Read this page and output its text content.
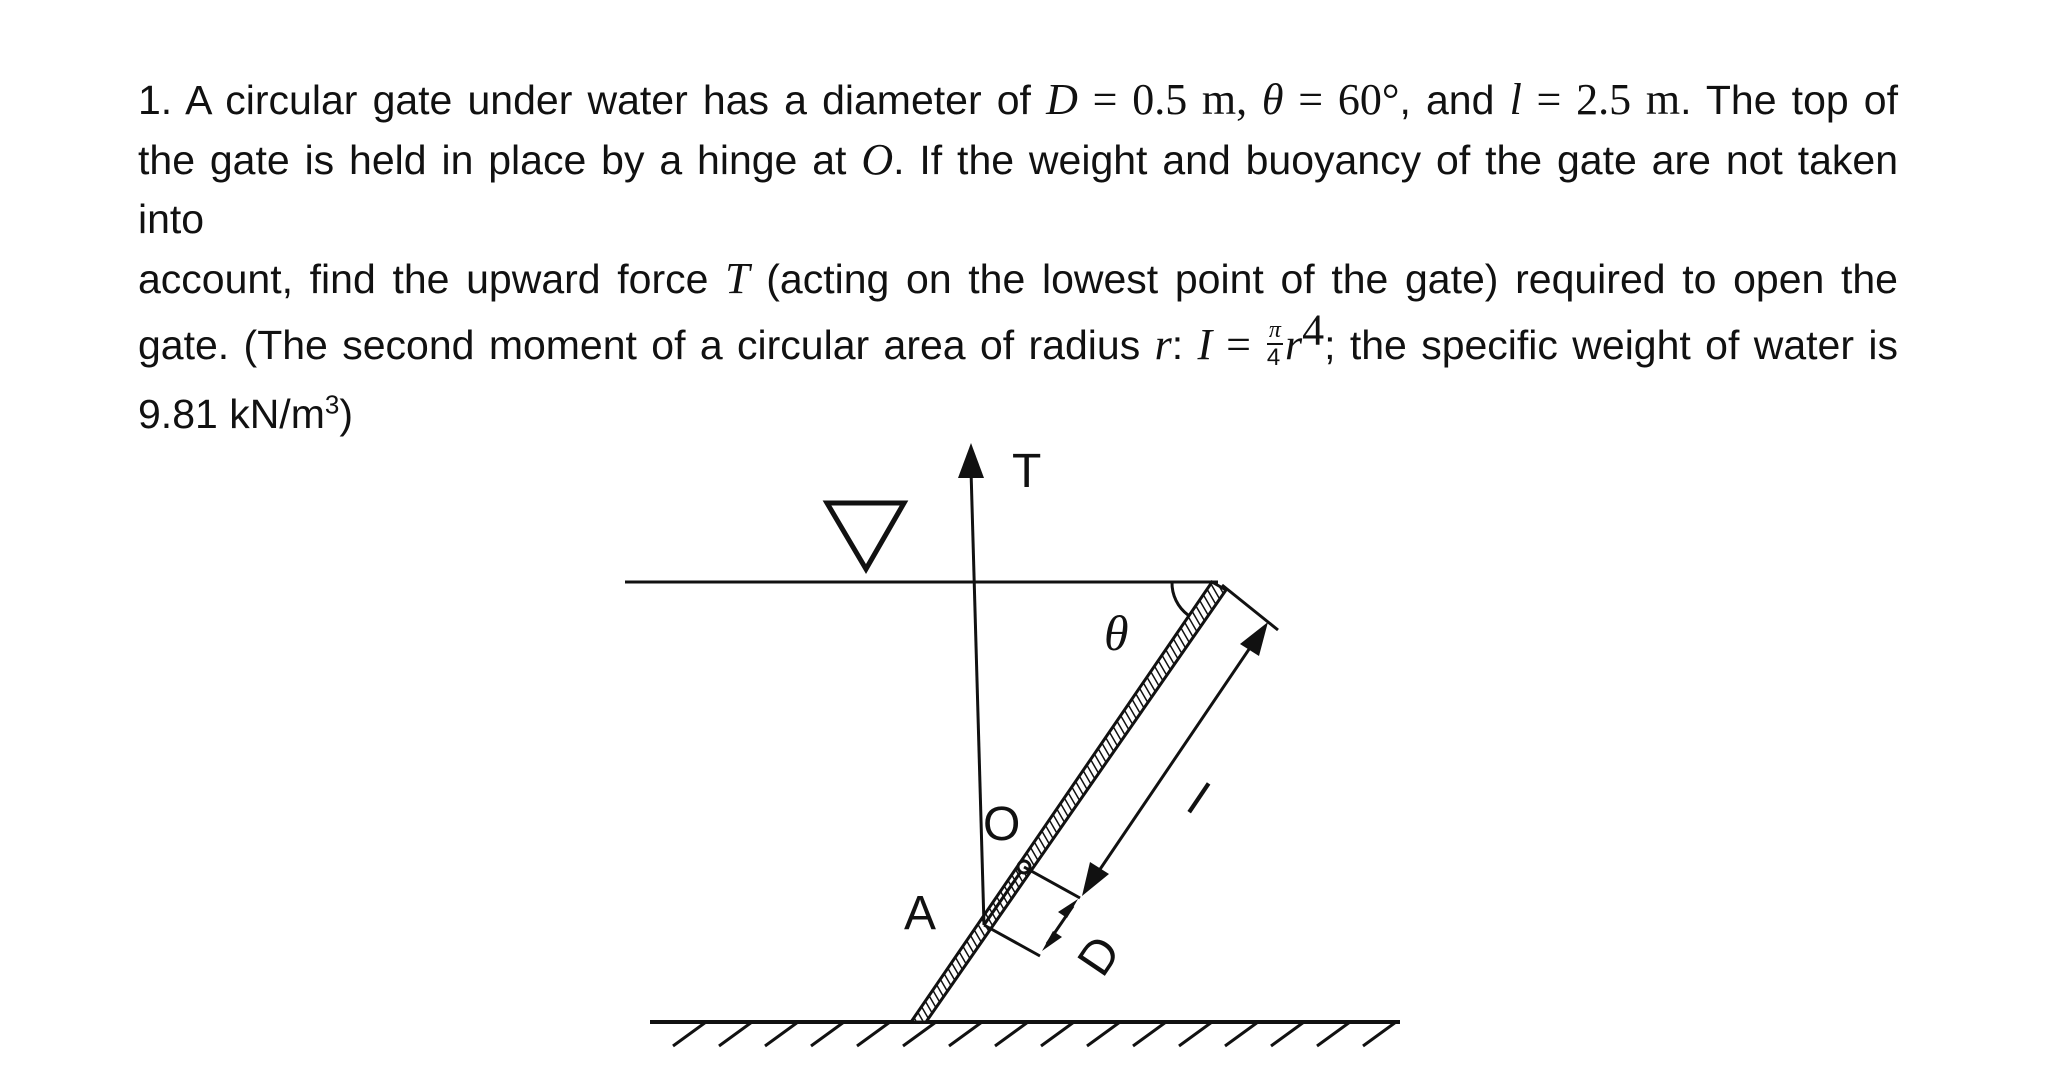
1. A circular gate under water has a diameter of D = 0.5 m, θ = 60°, and l = 2.5 m. The top of
the gate is held in place by a hinge at O. If the weight and buoyancy of the gate are not taken into
account, find the upward force T (acting on the lowest point of the gate) required to open the
gate. (The second moment of a circular area of radius r: $I = \frac{\pi}{4} r^4$; the specific weight of water is
9.81 $kN/m^3$)
T
θ
O
A
l
D
